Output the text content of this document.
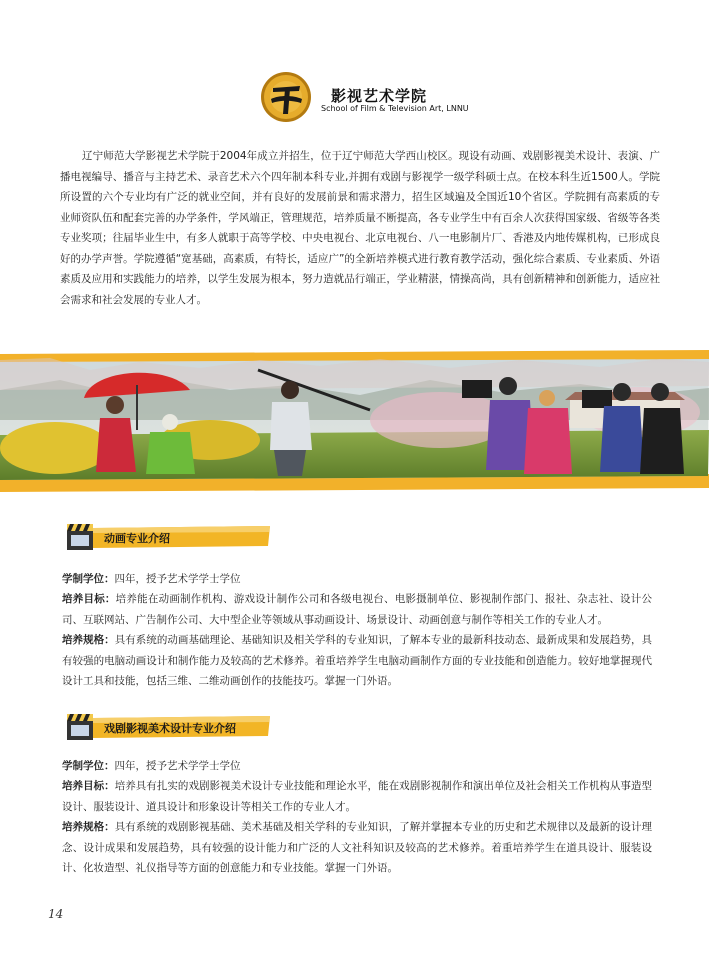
影视艺术学院
School of Film & Television Art, LNNU

辽宁师范大学影视艺术学院于2004年成立并招生，位于辽宁师范大学西山校区。现设有动画、戏剧影视美术设计、表演、广播电视编导、播音与主持艺术、录音艺术六个四年制本科专业,并拥有戏剧与影视学一级学科硕士点。在校本科生近1500人。学院所设置的六个专业均有广泛的就业空间，并有良好的发展前景和需求潜力，招生区域遍及全国近10个省区。学院拥有高素质的专业师资队伍和配套完善的办学条件，学风端正，管理规范，培养质量不断提高，各专业学生中有百余人次获得国家级、省级等各类专业奖项；往届毕业生中，有多人就职于高等学校、中央电视台、北京电视台、八一电影制片厂、香港及内地传媒机构，已形成良好的办学声誉。学院遵循“宽基础，高素质，有特长，适应广”的全新培养模式进行教育教学活动，强化综合素质、专业素质、外语素质及应用和实践能力的培养，以学生发展为根本，努力造就品行端正，学业精湛，情操高尚，具有创新精神和创新能力，适应社会需求和社会发展的专业人才。

动画专业介绍

学制学位：四年，授予艺术学学士学位

培养目标：培养能在动画制作机构、游戏设计制作公司和各级电视台、电影摄制单位、影视制作部门、报社、杂志社、设计公司、互联网站、广告制作公司、大中型企业等领域从事动画设计、场景设计、动画创意与制作等相关工作的专业人才。

培养规格：具有系统的动画基础理论、基础知识及相关学科的专业知识，了解本专业的最新科技动态、最新成果和发展趋势，具有较强的电脑动画设计和制作能力及较高的艺术修养。着重培养学生电脑动画制作方面的专业技能和创造能力。较好地掌握现代设计工具和技能，包括三维、二维动画创作的技能技巧。掌握一门外语。

戏剧影视美术设计专业介绍

学制学位：四年，授予艺术学学士学位

培养目标：培养具有扎实的戏剧影视美术设计专业技能和理论水平，能在戏剧影视制作和演出单位及社会相关工作机构从事造型设计、服装设计、道具设计和形象设计等相关工作的专业人才。

培养规格：具有系统的戏剧影视基础、美术基础及相关学科的专业知识，了解并掌握本专业的历史和艺术规律以及最新的设计理念、设计成果和发展趋势，具有较强的设计能力和广泛的人文社科知识及较高的艺术修养。着重培养学生在道具设计、服装设计、化妆造型、礼仪指导等方面的创意能力和专业技能。掌握一门外语。

14
